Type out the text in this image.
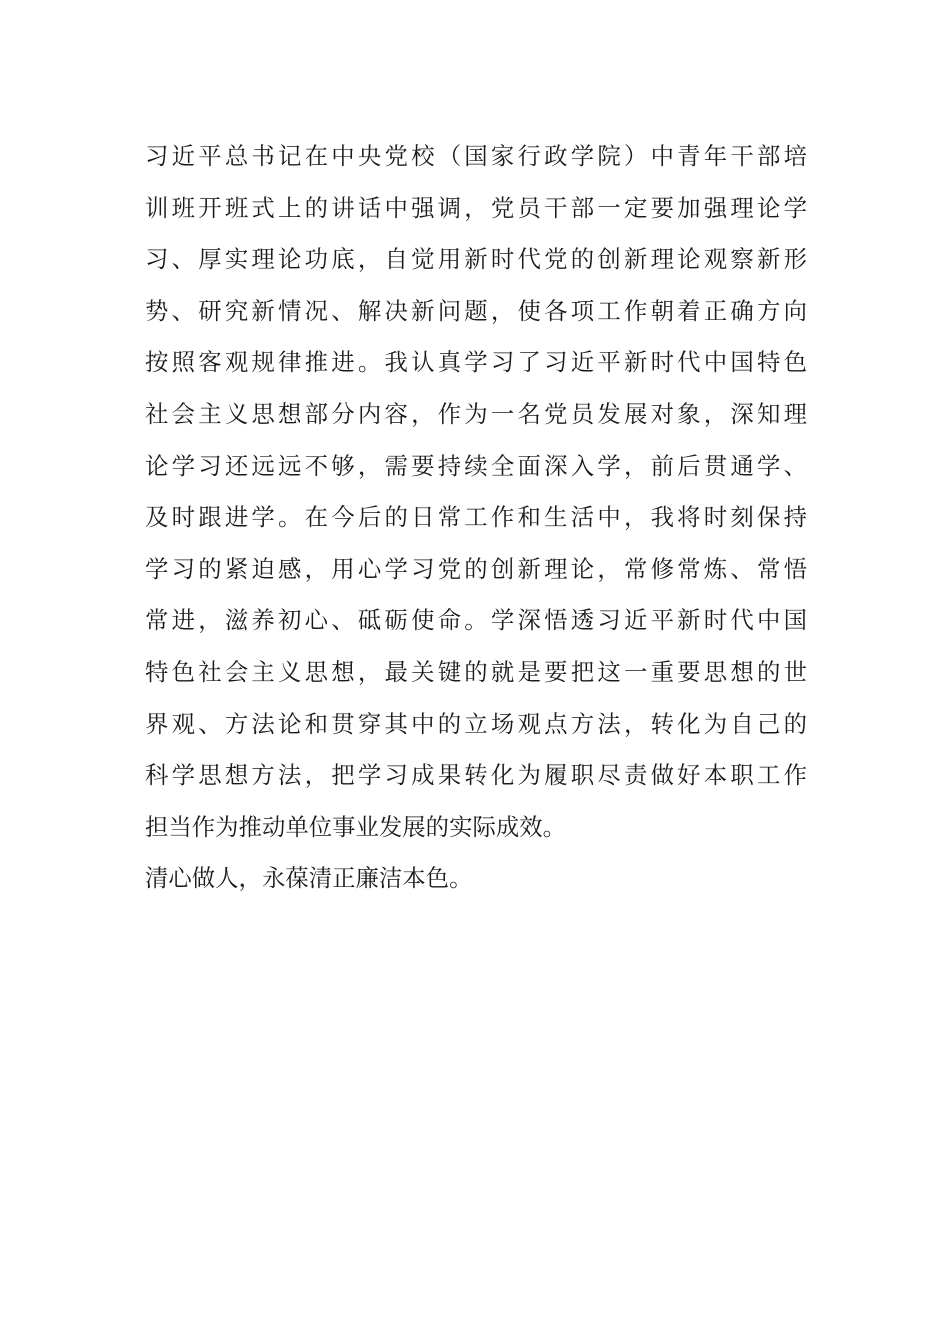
习近平总书记在中央党校（国家行政学院）中青年干部培
训班开班式上的讲话中强调，党员干部一定要加强理论学
习、厚实理论功底，自觉用新时代党的创新理论观察新形
势、研究新情况、解决新问题，使各项工作朝着正确方向
按照客观规律推进。我认真学习了习近平新时代中国特色
社会主义思想部分内容，作为一名党员发展对象，深知理
论学习还远远不够，需要持续全面深入学，前后贯通学、
及时跟进学。在今后的日常工作和生活中，我将时刻保持
学习的紧迫感，用心学习党的创新理论，常修常炼、常悟
常进，滋养初心、砥砺使命。学深悟透习近平新时代中国
特色社会主义思想，最关键的就是要把这一重要思想的世
界观、方法论和贯穿其中的立场观点方法，转化为自己的
科学思想方法，把学习成果转化为履职尽责做好本职工作
担当作为推动单位事业发展的实际成效。
清心做人，永葆清正廉洁本色。
